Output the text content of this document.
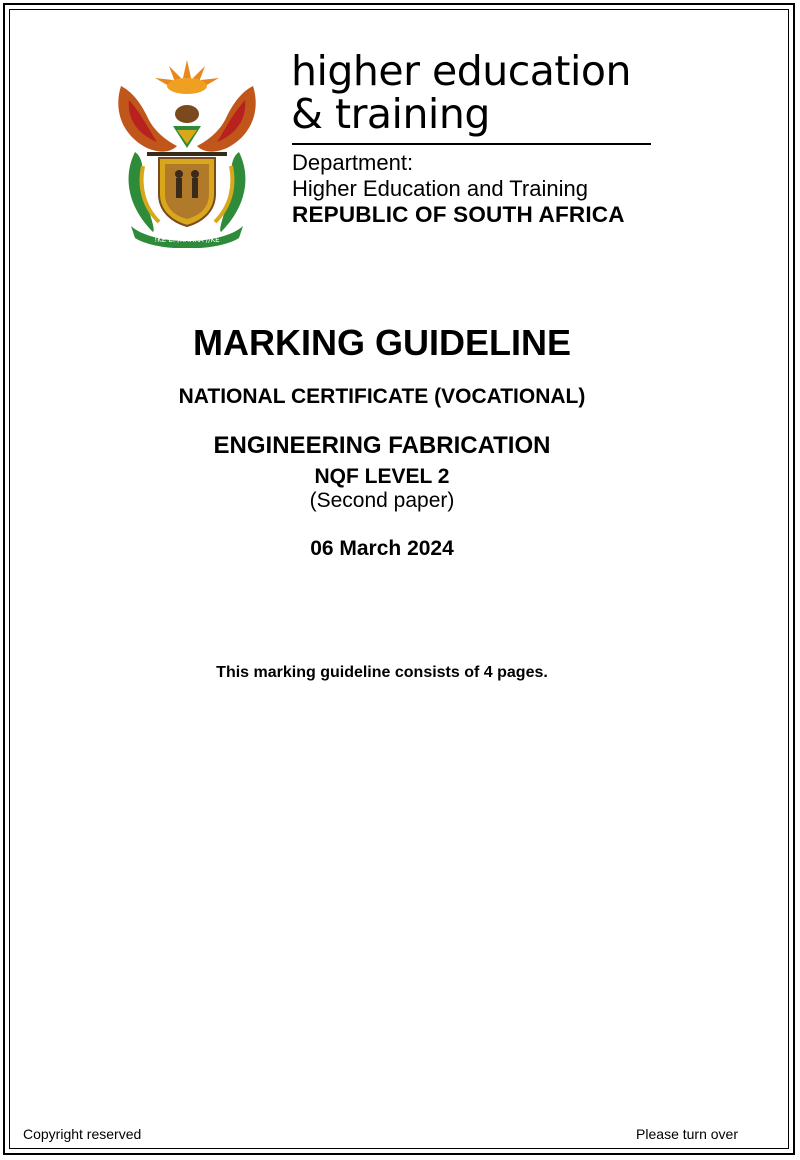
!KE E: /XARRA //KE
higher education
& training
Department:
Higher Education and Training
REPUBLIC OF SOUTH AFRICA
MARKING GUIDELINE
NATIONAL CERTIFICATE (VOCATIONAL)
ENGINEERING FABRICATION
NQF LEVEL 2
(Second paper)
06 March 2024
This marking guideline consists of 4 pages.
Copyright reserved	Please turn over
